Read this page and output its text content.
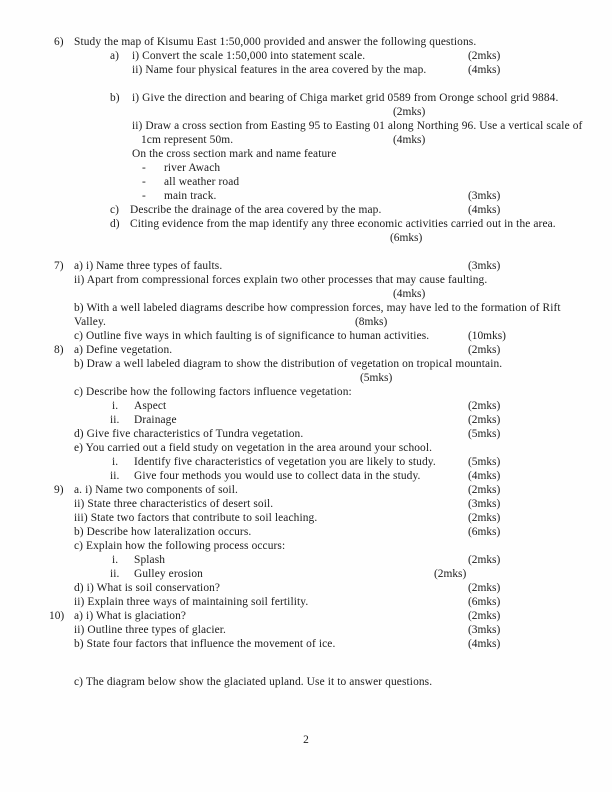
6) Study the map of Kisumu East 1:50,000 provided and answer the following questions.
a) i) Convert the scale 1:50,000 into statement scale.	(2mks)
ii) Name four physical features in the area covered by the map.	(4mks)
b) i) Give the direction and bearing of Chiga market grid 0589 from Oronge school grid 9884.
(2mks)
ii) Draw a cross section from Easting 95 to Easting 01 along Northing 96. Use a vertical scale of
1cm represent 50m.	(4mks)
On the cross section mark and name feature
- river Awach
- all weather road
- main track.	(3mks)
c) Describe the drainage of the area covered by the map.	(4mks)
d) Citing evidence from the map identify any three economic activities carried out in the area.
(6mks)
7) a) i) Name three types of faults.	(3mks)
ii) Apart from compressional forces explain two other processes that may cause faulting.
(4mks)
b) With a well labeled diagrams describe how compression forces, may have led to the formation of Rift
Valley.	(8mks)
c) Outline five ways in which faulting is of significance to human activities.	(10mks)
8) a) Define vegetation.	(2mks)
b) Draw a well labeled diagram to show the distribution of vegetation on tropical mountain.
(5mks)
c) Describe how the following factors influence vegetation:
i. Aspect	(2mks)
ii. Drainage	(2mks)
d) Give five characteristics of Tundra vegetation.	(5mks)
e) You carried out a field study on vegetation in the area around your school.
i. Identify five characteristics of vegetation you are likely to study.	(5mks)
ii. Give four methods you would use to collect data in the study.	(4mks)
9) a. i) Name two components of soil.	(2mks)
ii) State three characteristics of desert soil.	(3mks)
iii) State two factors that contribute to soil leaching.	(2mks)
b) Describe how lateralization occurs.	(6mks)
c) Explain how the following process occurs:
i. Splash	(2mks)
ii. Gulley erosion	(2mks)
d) i) What is soil conservation?	(2mks)
ii) Explain three ways of maintaining soil fertility.	(6mks)
10) a) i) What is glaciation?	(2mks)
ii) Outline three types of glacier.	(3mks)
b) State four factors that influence the movement of ice.	(4mks)
c) The diagram below show the glaciated upland. Use it to answer questions.
2
